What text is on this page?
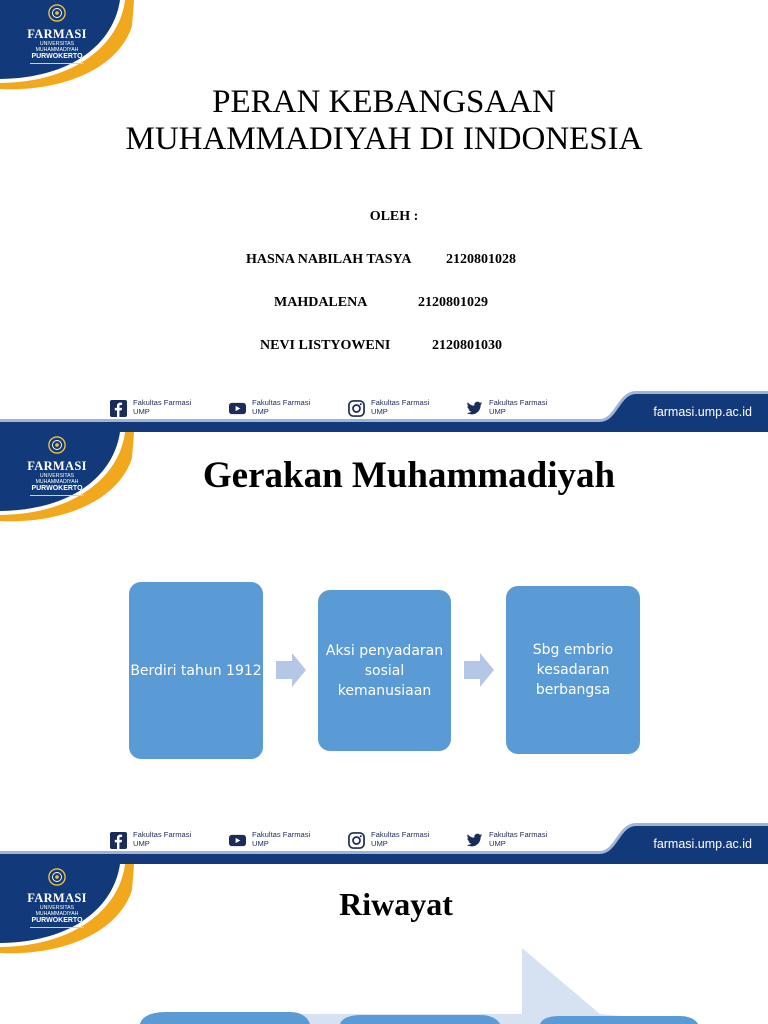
FARMASI
UNIVERSITAS
MUHAMMADIYAH
PURWOKERTO
PERAN KEBANGSAAN
MUHAMMADIYAH DI INDONESIA
OLEH :
HASNA NABILAH TASYA 2120801028
MAHDALENA	2120801029
NEVI LISTYOWENI	2120801030
Fakultas Farmasi
UMP
Fakultas Farmasi
UMP
Fakultas Farmasi
UMP
Fakultas Farmasi
UMP	farmasi.ump.ac.id
FARMASI
UNIVERSITAS
MUHAMMADIYAH
PURWOKERTO	Gerakan Muhammadiyah
Berdiri tahun 1912
Aksi penyadaran sosial kemanusiaan
Sbg embrio kesadaran berbangsa
Fakultas Farmasi
UMP
Fakultas Farmasi
UMP
Fakultas Farmasi
UMP
Fakultas Farmasi
UMP	farmasi.ump.ac.id
FARMASI
UNIVERSITAS
MUHAMMADIYAH
PURWOKERTO	Riwayat
